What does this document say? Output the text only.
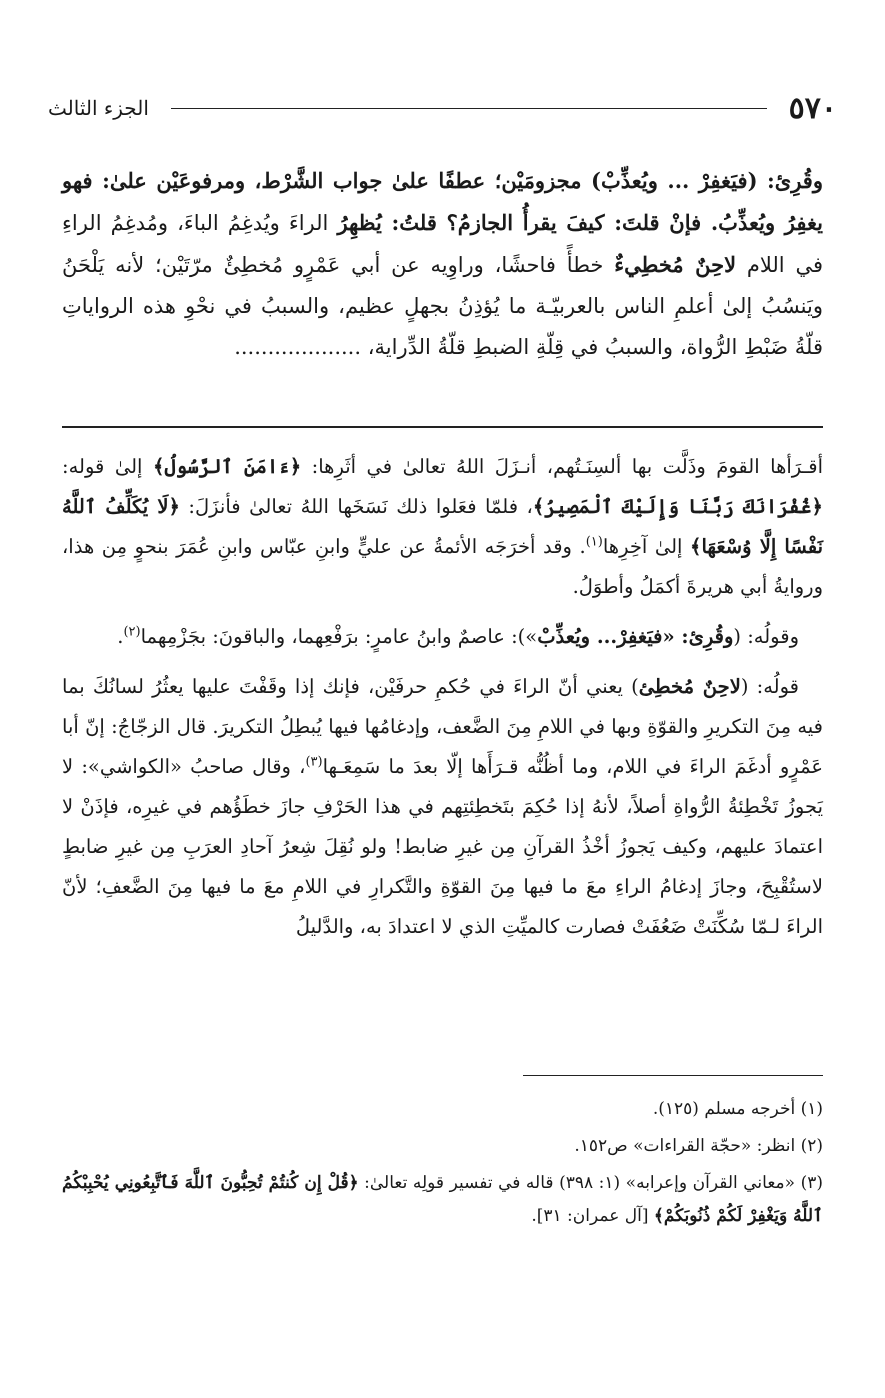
٥٧٠
الجزء الثالث

وقُرِئ: (فيَغفِرْ ... ويُعذِّبْ) مجزومَيْن؛ عطفًا علىٰ جواب الشَّرْط، ومرفوعَيْن علىٰ: فهو يغفِرُ ويُعذِّبُ. فإنْ قلتَ: كيفَ يقرأُ الجازمُ؟ قلتُ: يُظهِرُ الراءَ ويُدغِمُ الباءَ، ومُدغِمُ الراءِ في اللام لاحِنٌ مُخطِيءٌ خطأً فاحشًا، وراوِيه عن أبي عَمْرٍو مُخطِئٌ مرّتَيْن؛ لأنه يَلْحَنُ ويَنسُبُ إلىٰ أعلمِ الناس بالعربيّـة ما يُؤذِنُ بجهلٍ عظيم، والسببُ في نحْوِ هذه الرواياتِ قلّةُ ضَبْطِ الرُّواة، والسببُ في قِلّةِ الضبطِ قلّةُ الدِّراية، ...................

أقـرَأها القومَ وذَلَّت بها ألسِنَـتُهم، أنـزَلَ اللهُ تعالىٰ في أثَرِها: ﴿ءَامَنَ ٱلرَّسُولُ﴾ إلىٰ قوله: ﴿غُفْرَانَكَ رَبَّنَا وَإِلَيْكَ ٱلْمَصِيرُ﴾، فلمّا فعَلوا ذلك نَسَخَها اللهُ تعالىٰ فأنزَلَ: ﴿لَا يُكَلِّفُ ٱللَّهُ نَفْسًا إِلَّا وُسْعَهَا﴾ إلىٰ آخِرِها$^{(١)}$. وقد أخرَجَه الأئمةُ عن عليٍّ وابنِ عبّاس وابنِ عُمَرَ بنحوٍ مِن هذا، وروايةُ أبي هريرةَ أكمَلُ وأطوَلُ.

وقولُه: (وقُرِئ: «فيَغفِرْ... ويُعذِّبْ»): عاصمٌ وابنُ عامرٍ: برَفْعِهما، والباقونَ: بجَزْمِهما$^{(٢)}$.

قولُه: (لاحِنٌ مُخطِئ) يعني أنّ الراءَ في حُكمِ حرفَيْن، فإنك إذا وقَفْتَ عليها يعثُرُ لسانُكَ بما فيه مِنَ التكريرِ والقوّةِ وبها في اللامِ مِنَ الضَّعف، وإدغامُها فيها يُبطِلُ التكريرَ. قال الزجّاجُ: إنّ أبا عَمْرٍو أدغَمَ الراءَ في اللام، وما أظُنُّه قـرَأَها إلّا بعدَ ما سَمِعَـها$^{(٣)}$، وقال صاحبُ «الكواشي»: لا يَجوزُ تَخْطِئةُ الرُّواةِ أصلاً، لأنهُ إذا حُكِمَ بتَخطِئتِهم في هذا الحَرْفِ جازَ خطَؤُهم في غيرِه، فإذَنْ لا اعتمادَ عليهم، وكيف يَجوزُ أخْذُ القرآنِ مِن غيرِ ضابط! ولو نُقِلَ شِعرُ آحادِ العرَبِ مِن غيرِ ضابطٍ لاستُقْبِحَ، وجازَ إدغامُ الراءِ معَ ما فيها مِنَ القوّةِ والتَّكرارِ في اللامِ معَ ما فيها مِنَ الضَّعفِ؛ لأنّ الراءَ لـمّا سُكِّنَتْ ضَعُفَتْ فصارت كالميِّتِ الذي لا اعتدادَ به، والدَّليلُ

(١) أخرجه مسلم (١٢٥).

(٢) انظر: «حجّة القراءات» ص١٥٢.

(٣) «معاني القرآن وإعرابه» (١: ٣٩٨) قاله في تفسير قولِه تعالىٰ: ﴿قُلْ إِن كُنتُمْ تُحِبُّونَ ٱللَّهَ فَٱتَّبِعُونِي يُحْبِبْكُمُ ٱللَّهُ وَيَغْفِرْ لَكُمْ ذُنُوبَكُمْ﴾ [آل عمران: ٣١].
